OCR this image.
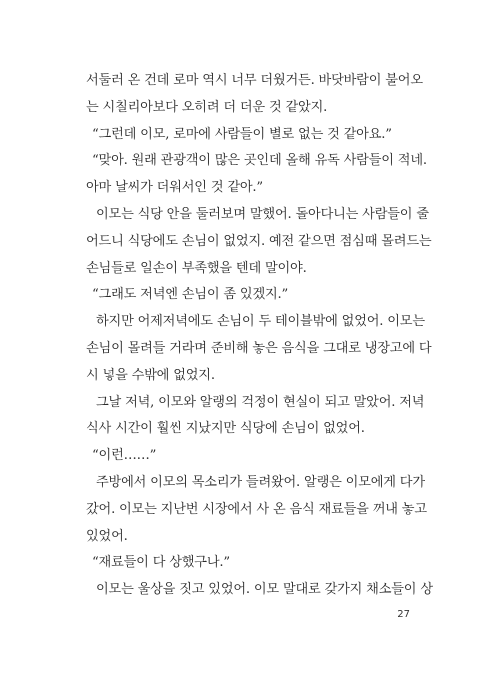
서둘러 온 건데 로마 역시 너무 더웠거든. 바닷바람이 불어오
는 시칠리아보다 오히려 더 더운 것 같았지.
“그런데 이모, 로마에 사람들이 별로 없는 것 같아요.”
“맞아. 원래 관광객이 많은 곳인데 올해 유독 사람들이 적네.
아마 날씨가 더워서인 것 같아.”
이모는 식당 안을 둘러보며 말했어. 돌아다니는 사람들이 줄
어드니 식당에도 손님이 없었지. 예전 같으면 점심때 몰려드는
손님들로 일손이 부족했을 텐데 말이야.
“그래도 저녁엔 손님이 좀 있겠지.”
하지만 어제저녁에도 손님이 두 테이블밖에 없었어. 이모는
손님이 몰려들 거라며 준비해 놓은 음식을 그대로 냉장고에 다
시 넣을 수밖에 없었지.
그날 저녁, 이모와 알랭의 걱정이 현실이 되고 말았어. 저녁
식사 시간이 훨씬 지났지만 식당에 손님이 없었어.
“이런……”
주방에서 이모의 목소리가 들려왔어. 알랭은 이모에게 다가
갔어. 이모는 지난번 시장에서 사 온 음식 재료들을 꺼내 놓고
있었어.
“재료들이 다 상했구나.”
이모는 울상을 짓고 있었어. 이모 말대로 갖가지 채소들이 상
27
